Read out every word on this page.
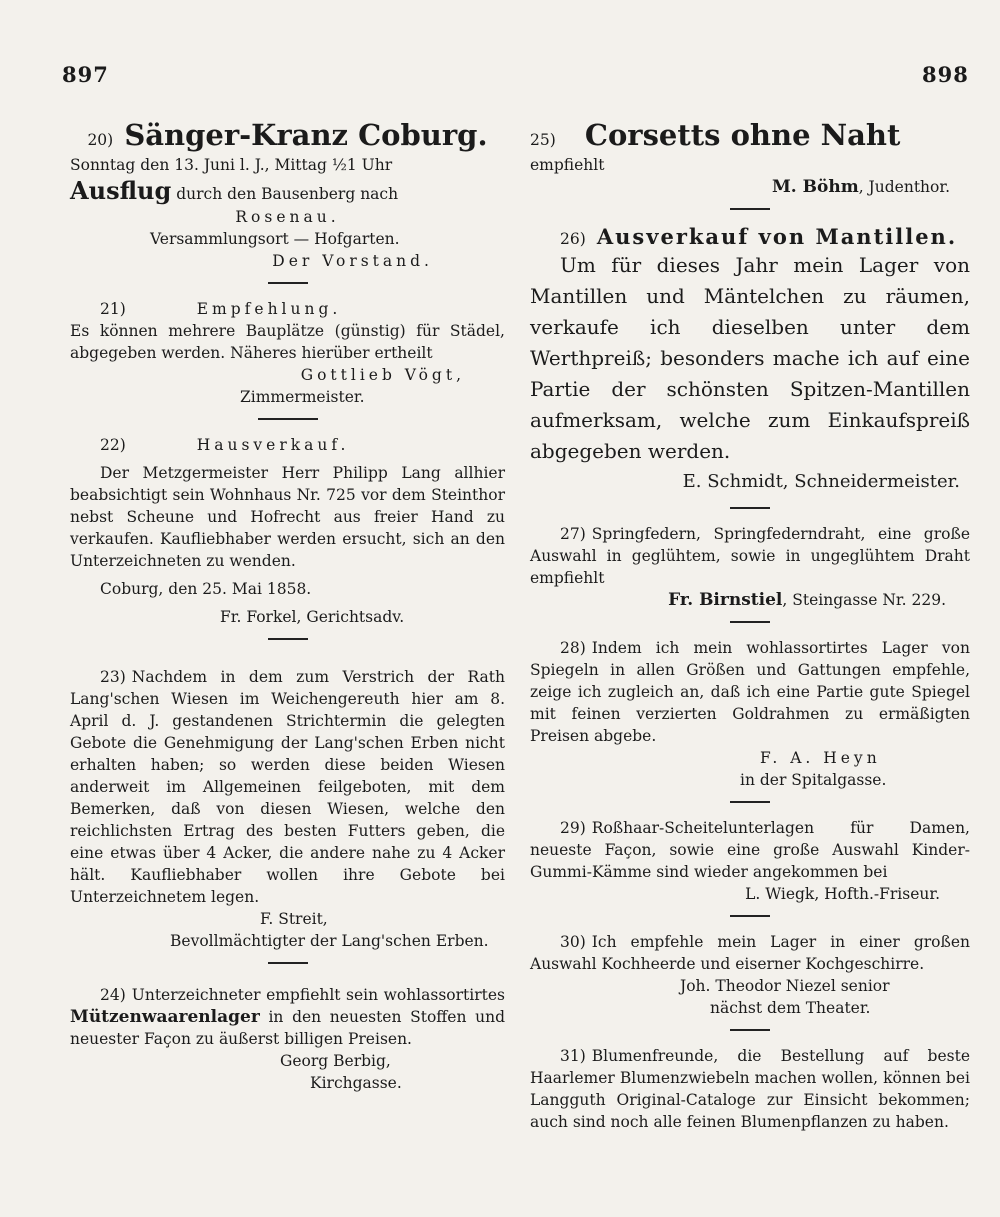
897	898

20) Sänger-Kranz Coburg.

Sonntag den 13. Juni l. J., Mittag ½1 Uhr

Ausflug durch den Bausenberg nach

Rosenau.

Versammlungsort — Hofgarten.

Der Vorstand.

21)	Empfehlung.

Es können mehrere Bauplätze (günstig) für Städel, abgegeben werden. Näheres hierüber ertheilt

Gottlieb Vögt,

Zimmermeister.

22)	Hausverkauf.

Der Metzgermeister Herr Philipp Lang allhier beabsichtigt sein Wohnhaus Nr. 725 vor dem Steinthor nebst Scheune und Hofrecht aus freier Hand zu verkaufen. Kaufliebhaber werden ersucht, sich an den Unterzeichneten zu wenden.

Coburg, den 25. Mai 1858.

Fr. Forkel, Gerichtsadv.

23) Nachdem in dem zum Verstrich der Rath Lang'schen Wiesen im Weichengereuth hier am 8. April d. J. gestandenen Strichtermin die gelegten Gebote die Genehmigung der Lang'schen Erben nicht erhalten haben; so werden diese beiden Wiesen anderweit im Allgemeinen feilgeboten, mit dem Bemerken, daß von diesen Wiesen, welche den reichlichsten Ertrag des besten Futters geben, die eine etwas über 4 Acker, die andere nahe zu 4 Acker hält. Kaufliebhaber wollen ihre Gebote bei Unterzeichnetem legen.

F. Streit,

Bevollmächtigter der Lang'schen Erben.

24) Unterzeichneter empfiehlt sein wohlassortirtes Mützenwaarenlager in den neuesten Stoffen und neuester Façon zu äußerst billigen Preisen.

Georg Berbig,

Kirchgasse.

25) Corsetts ohne Naht

empfiehlt

M. Böhm, Judenthor.

26) Ausverkauf von Mantillen.

Um für dieses Jahr mein Lager von Mantillen und Mäntelchen zu räumen, verkaufe ich dieselben unter dem Werthpreiß; besonders mache ich auf eine Partie der schönsten Spitzen-Mantillen aufmerksam, welche zum Einkaufspreiß abgegeben werden.

E. Schmidt, Schneidermeister.

27) Springfedern, Springfederndraht, eine große Auswahl in geglühtem, sowie in ungeglühtem Draht empfiehlt

Fr. Birnstiel, Steingasse Nr. 229.

28) Indem ich mein wohlassortirtes Lager von Spiegeln in allen Größen und Gattungen empfehle, zeige ich zugleich an, daß ich eine Partie gute Spiegel mit feinen verzierten Goldrahmen zu ermäßigten Preisen abgebe.

F. A. Heyn

in der Spitalgasse.

29) Roßhaar-Scheitelunterlagen für Damen, neueste Façon, sowie eine große Auswahl Kinder-Gummi-Kämme sind wieder angekommen bei

L. Wiegk, Hofth.-Friseur.

30) Ich empfehle mein Lager in einer großen Auswahl Kochheerde und eiserner Kochgeschirre.

Joh. Theodor Niezel senior

nächst dem Theater.

31) Blumenfreunde, die Bestellung auf beste Haarlemer Blumenzwiebeln machen wollen, können bei Langguth Original-Cataloge zur Einsicht bekommen; auch sind noch alle feinen Blumenpflanzen zu haben.
